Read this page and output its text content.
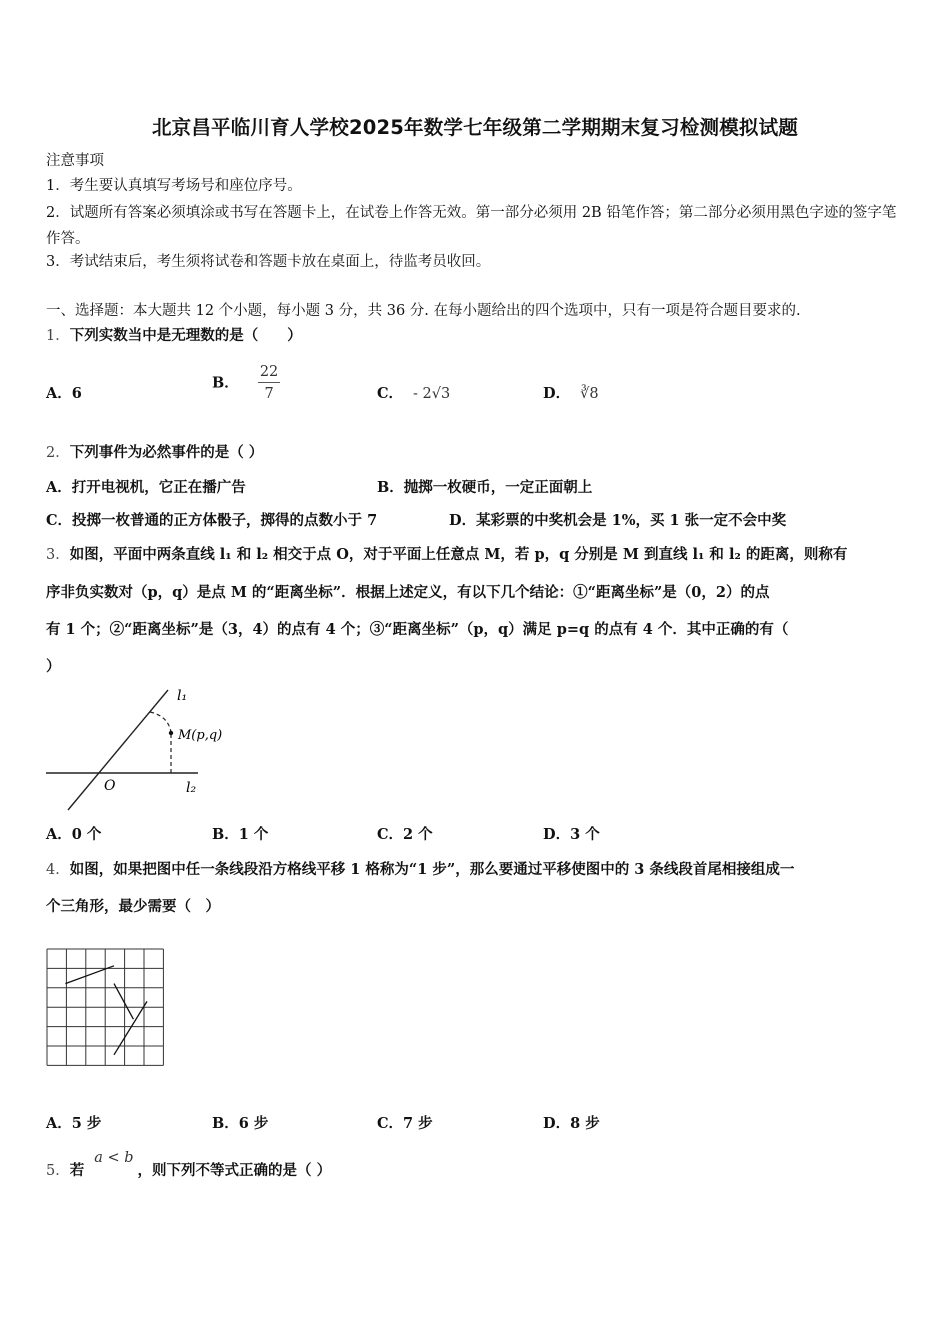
北京昌平临川育人学校2025年数学七年级第二学期期末复习检测模拟试题
注意事项
1．考生要认真填写考场号和座位序号。
2．试题所有答案必须填涂或书写在答题卡上，在试卷上作答无效。第一部分必须用 2B 铅笔作答；第二部分必须用黑色字迹的签字笔作答。
3．考试结束后，考生须将试卷和答题卡放在桌面上，待监考员收回。
一、选择题：本大题共 12 个小题，每小题 3 分，共 36 分. 在每小题给出的四个选项中，只有一项是符合题目要求的.
1．下列实数当中是无理数的是（　　）
A．6
B． $\frac{22}{7}$	C． - 2√3	D． ∛8
2．下列事件为必然事件的是（ ）
A．打开电视机，它正在播广告	B．抛掷一枚硬币，一定正面朝上
C．投掷一枚普通的正方体骰子，掷得的点数小于 7	D．某彩票的中奖机会是 1%，买 1 张一定不会中奖
3．如图，平面中两条直线 l₁ 和 l₂ 相交于点 O，对于平面上任意点 M，若 p，q 分别是 M 到直线 l₁ 和 l₂ 的距离，则称有
序非负实数对（p，q）是点 M 的“距离坐标”．根据上述定义，有以下几个结论：①“距离坐标”是（0，2）的点
有 1 个；②“距离坐标”是（3，4）的点有 4 个；③“距离坐标”（p，q）满足 p=q 的点有 4 个．其中正确的有（
）
l₁
M(p,q)
O	l₂
A．0 个	B．1 个	C．2 个	D．3 个
4．如图，如果把图中任一条线段沿方格线平移 1 格称为“1 步”，那么要通过平移使图中的 3 条线段首尾相接组成一
个三角形，最少需要（　）
A．5 步	B．6 步	C．7 步	D．8 步
5．若a < b，则下列不等式正确的是（ ）
